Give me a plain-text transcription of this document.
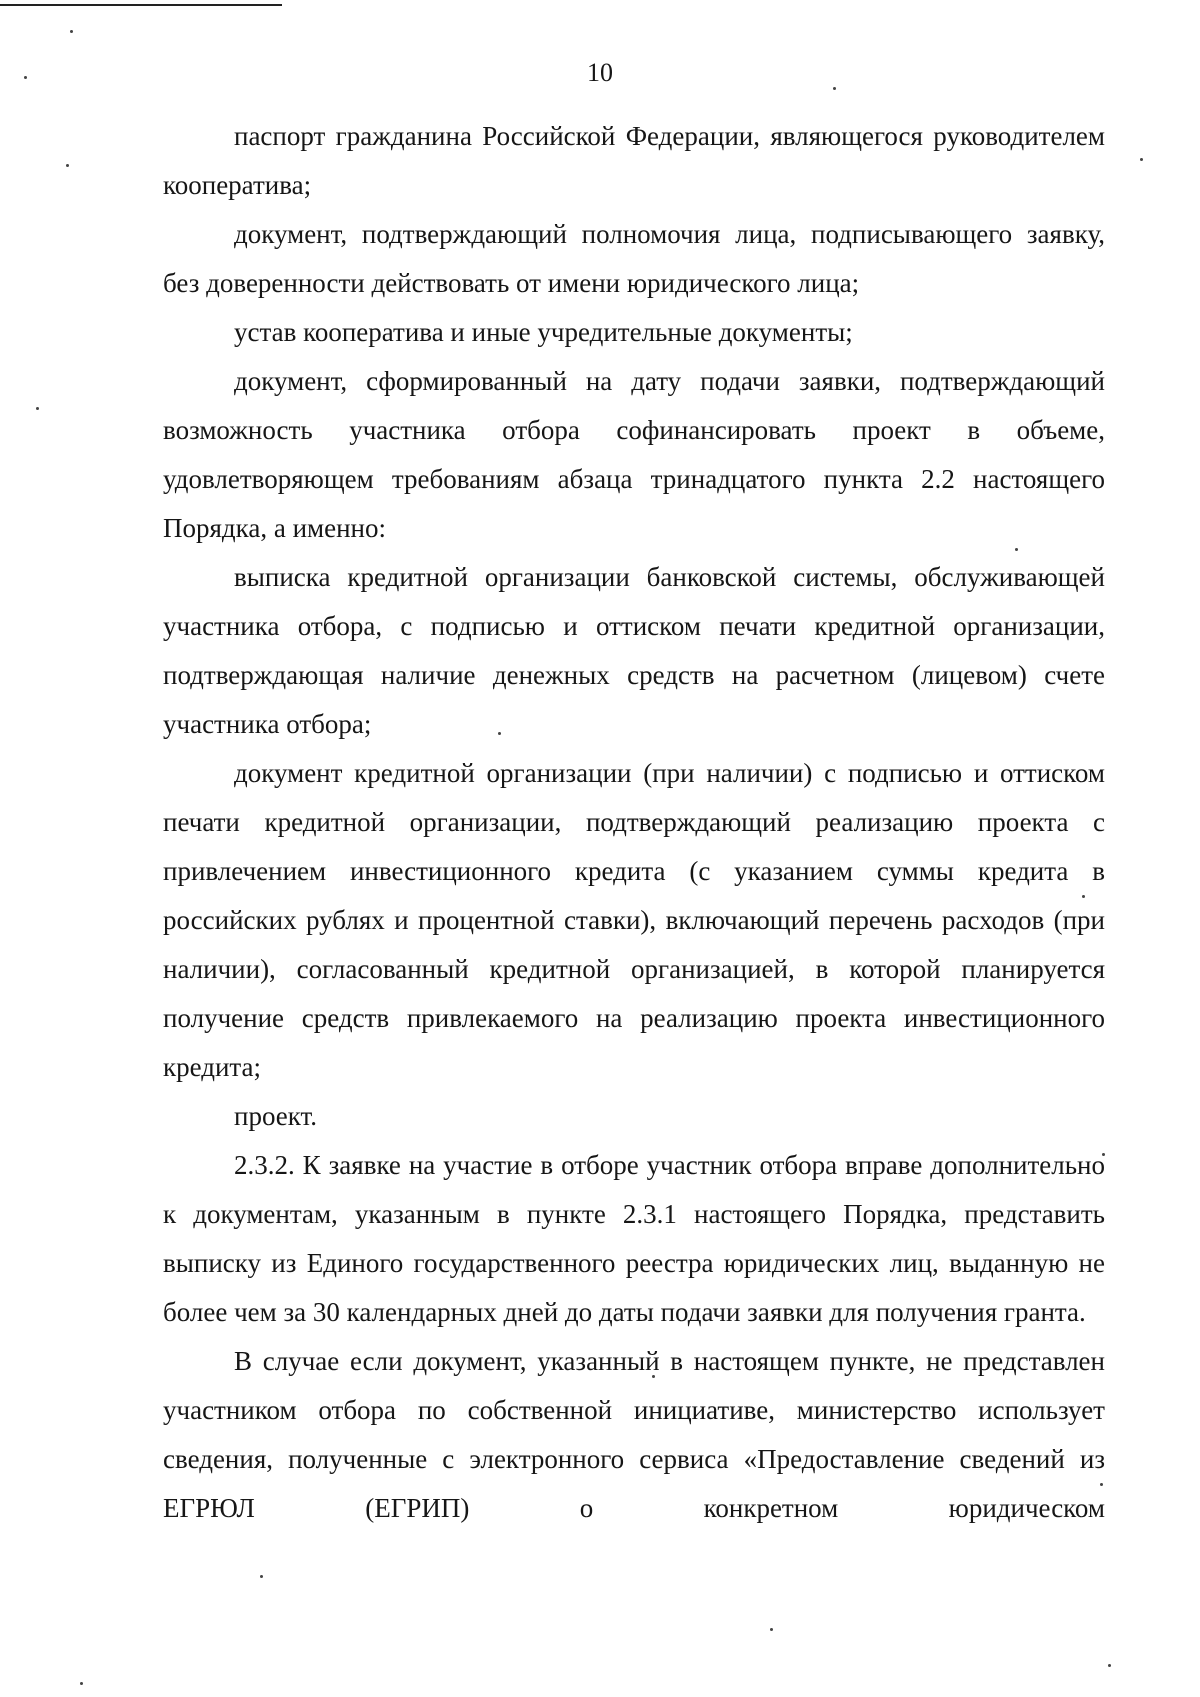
10

паспорт гражданина Российской Федерации, являющегося руководителем кооператива;

документ, подтверждающий полномочия лица, подписывающего заявку, без доверенности действовать от имени юридического лица;

устав кооператива и иные учредительные документы;

документ, сформированный на дату подачи заявки, подтверждающий возможность участника отбора софинансировать проект в объеме, удовлетворяющем требованиям абзаца тринадцатого пункта 2.2 настоящего Порядка, а именно:

выписка кредитной организации банковской системы, обслуживающей участника отбора, с подписью и оттиском печати кредитной организации, подтверждающая наличие денежных средств на расчетном (лицевом) счете участника отбора;

документ кредитной организации (при наличии) с подписью и оттиском печати кредитной организации, подтверждающий реализацию проекта с привлечением инвестиционного кредита (с указанием суммы кредита в российских рублях и процентной ставки), включающий перечень расходов (при наличии), согласованный кредитной организацией, в которой планируется получение средств привлекаемого на реализацию проекта инвестиционного кредита;

проект.

2.3.2. К заявке на участие в отборе участник отбора вправе дополнительно к документам, указанным в пункте 2.3.1 настоящего Порядка, представить выписку из Единого государственного реестра юридических лиц, выданную не более чем за 30 календарных дней до даты подачи заявки для получения гранта.

В случае если документ, указанный в настоящем пункте, не представлен участником отбора по собственной инициативе, министерство использует сведения, полученные с электронного сервиса «Предоставление сведений из ЕГРЮЛ (ЕГРИП) о конкретном юридическом
